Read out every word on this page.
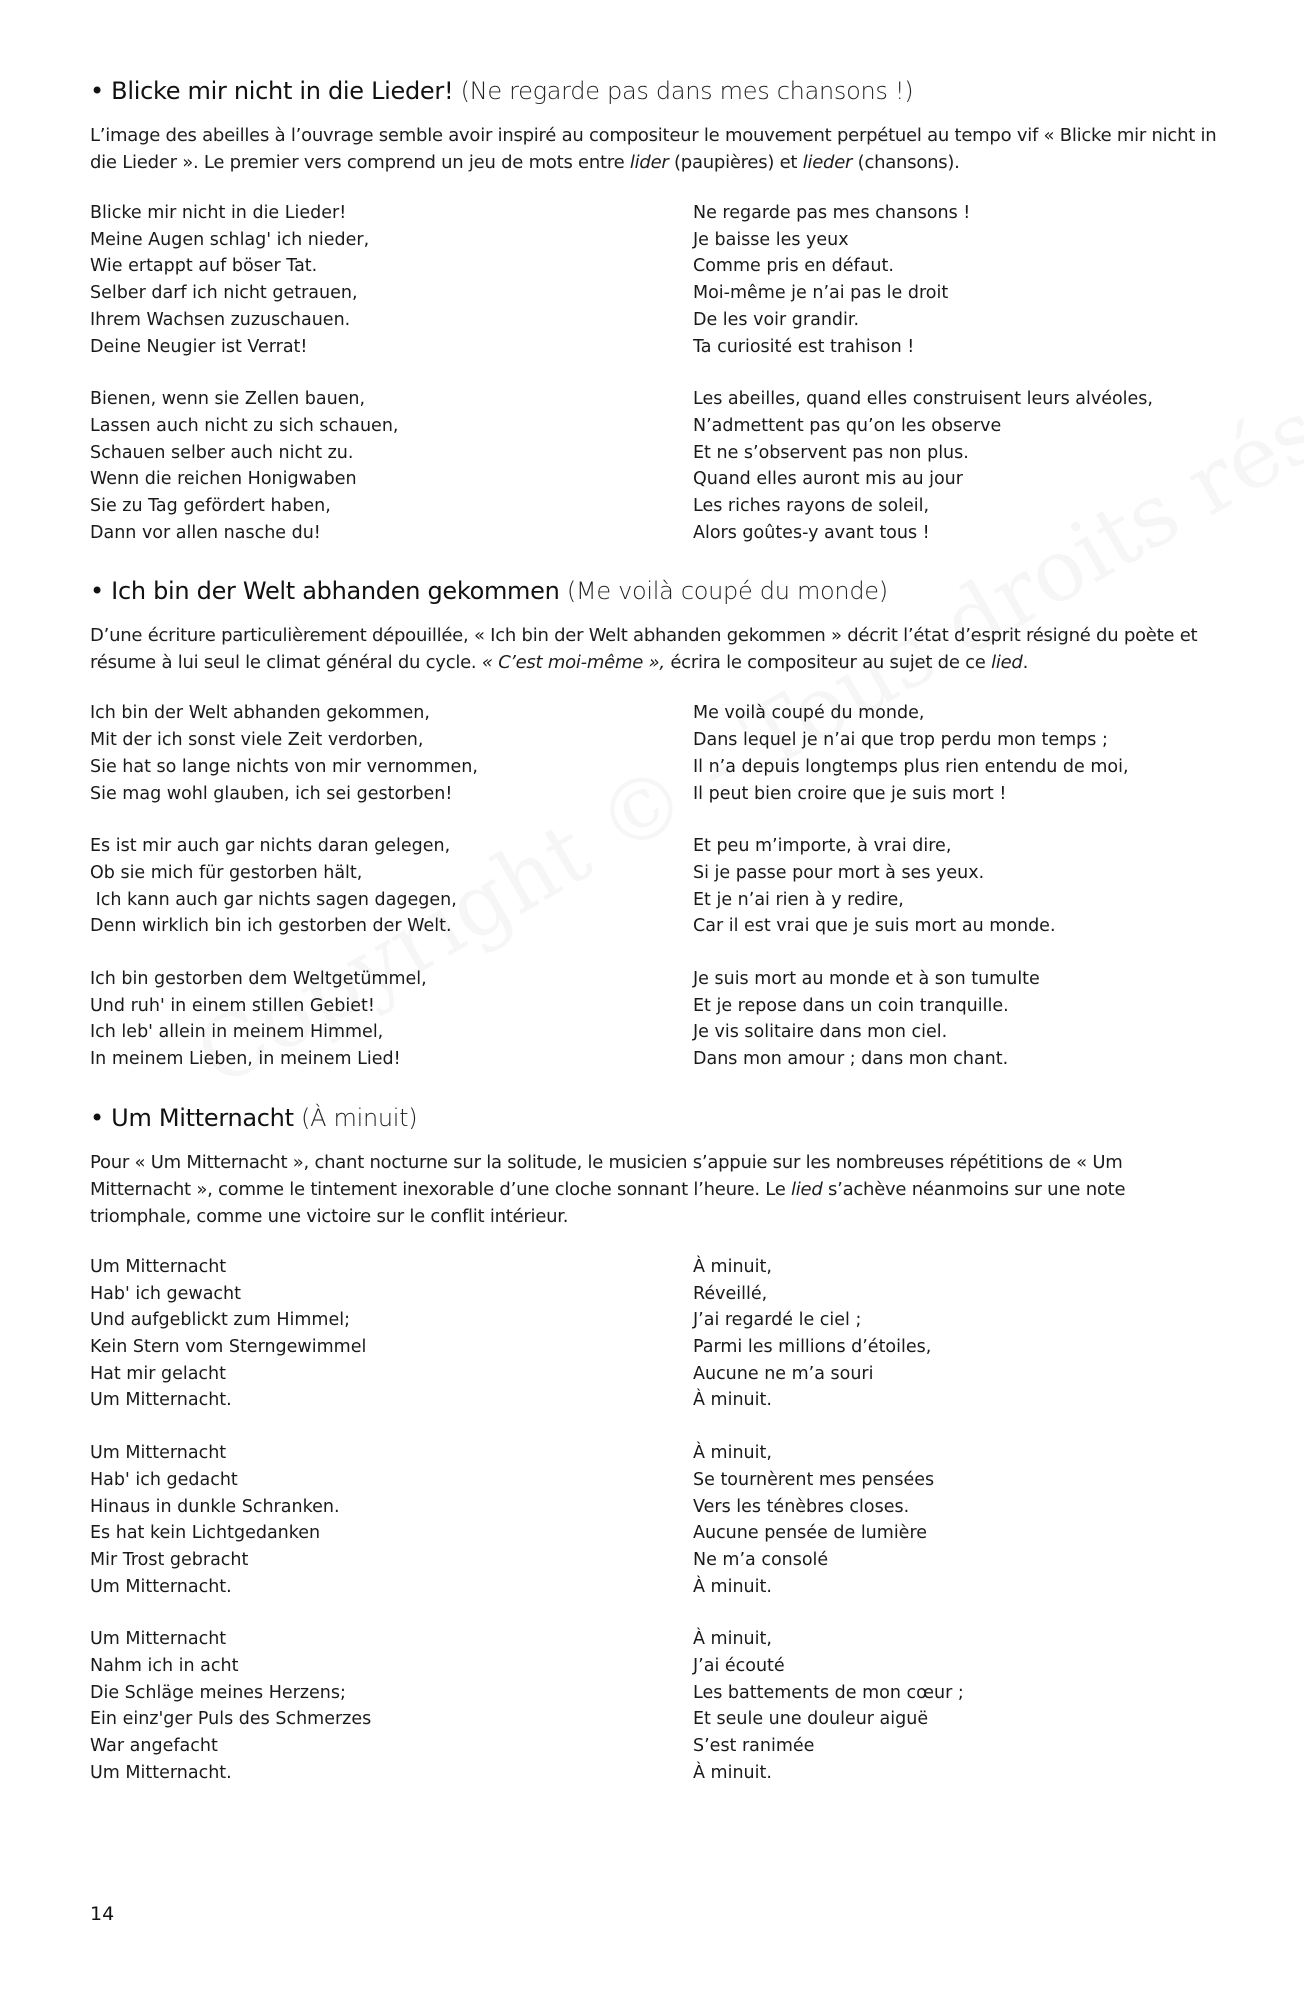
• Blicke mir nicht in die Lieder! (Ne regarde pas dans mes chansons !)
L’image des abeilles à l’ouvrage semble avoir inspiré au compositeur le mouvement perpétuel au tempo vif « Blicke mir nicht in die Lieder ». Le premier vers comprend un jeu de mots entre lider (paupières) et lieder (chansons).
Blicke mir nicht in die Lieder!
Meine Augen schlag' ich nieder,
Wie ertappt auf böser Tat.
Selber darf ich nicht getrauen,
Ihrem Wachsen zuzuschauen.
Deine Neugier ist Verrat!
Bienen, wenn sie Zellen bauen,
Lassen auch nicht zu sich schauen,
Schauen selber auch nicht zu.
Wenn die reichen Honigwaben
Sie zu Tag gefördert haben,
Dann vor allen nasche du!
Ne regarde pas mes chansons !
Je baisse les yeux
Comme pris en défaut.
Moi-même je n’ai pas le droit
De les voir grandir.
Ta curiosité est trahison !
Les abeilles, quand elles construisent leurs alvéoles,
N’admettent pas qu’on les observe
Et ne s’observent pas non plus.
Quand elles auront mis au jour
Les riches rayons de soleil,
Alors goûtes-y avant tous !
• Ich bin der Welt abhanden gekommen (Me voilà coupé du monde)
D’une écriture particulièrement dépouillée, « Ich bin der Welt abhanden gekommen » décrit l’état d’esprit résigné du poète et résume à lui seul le climat général du cycle. « C’est moi-même », écrira le compositeur au sujet de ce lied.
Ich bin der Welt abhanden gekommen,
Mit der ich sonst viele Zeit verdorben,
Sie hat so lange nichts von mir vernommen,
Sie mag wohl glauben, ich sei gestorben!
Es ist mir auch gar nichts daran gelegen,
Ob sie mich für gestorben hält,
Ich kann auch gar nichts sagen dagegen,
Denn wirklich bin ich gestorben der Welt.
Ich bin gestorben dem Weltgetümmel,
Und ruh' in einem stillen Gebiet!
Ich leb' allein in meinem Himmel,
In meinem Lieben, in meinem Lied!
Me voilà coupé du monde,
Dans lequel je n’ai que trop perdu mon temps ;
Il n’a depuis longtemps plus rien entendu de moi,
Il peut bien croire que je suis mort !
Et peu m’importe, à vrai dire,
Si je passe pour mort à ses yeux.
Et je n’ai rien à y redire,
Car il est vrai que je suis mort au monde.
Je suis mort au monde et à son tumulte
Et je repose dans un coin tranquille.
Je vis solitaire dans mon ciel.
Dans mon amour ; dans mon chant.
• Um Mitternacht (À minuit)
Pour « Um Mitternacht », chant nocturne sur la solitude, le musicien s’appuie sur les nombreuses répétitions de « Um Mitternacht », comme le tintement inexorable d’une cloche sonnant l’heure. Le lied s’achève néanmoins sur une note triomphale, comme une victoire sur le conflit intérieur.
Um Mitternacht
Hab' ich gewacht
Und aufgeblickt zum Himmel;
Kein Stern vom Sterngewimmel
Hat mir gelacht
Um Mitternacht.
Um Mitternacht
Hab' ich gedacht
Hinaus in dunkle Schranken.
Es hat kein Lichtgedanken
Mir Trost gebracht
Um Mitternacht.
Um Mitternacht
Nahm ich in acht
Die Schläge meines Herzens;
Ein einz'ger Puls des Schmerzes
War angefacht
Um Mitternacht.
À minuit,
Réveillé,
J’ai regardé le ciel ;
Parmi les millions d’étoiles,
Aucune ne m’a souri
À minuit.
À minuit,
Se tournèrent mes pensées
Vers les ténèbres closes.
Aucune pensée de lumière
Ne m’a consolé
À minuit.
À minuit,
J’ai écouté
Les battements de mon cœur ;
Et seule une douleur aiguë
S’est ranimée
À minuit.
14
